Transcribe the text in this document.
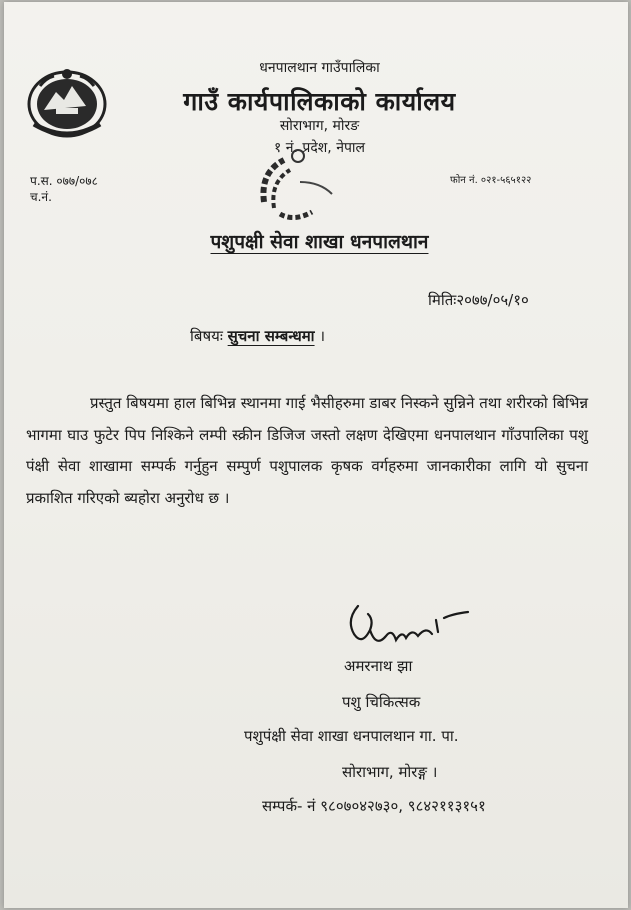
धनपालथान गाउँपालिका
गाउँ कार्यपालिकाको कार्यालय
सोराभाग, मोरङ
१ नं. प्रदेश, नेपाल
प.स. ०७७/०७८
च.नं.
फोन नं. ०२१-५६५१२२
पशुपक्षी सेवा शाखा धनपालथान
मितिः२०७७/०५/१०
बिषयः सुचना सम्बन्धमा ।

प्रस्तुत बिषयमा हाल बिभिन्न स्थानमा गाई भैसीहरुमा डाबर निस्कने सुन्निने तथा शरीरको बिभिन्न भागमा घाउ फुटेर पिप निश्किने लम्पी स्क्रीन डिजिज जस्तो लक्षण देखिएमा धनपालथान गाँउपालिका पशु पंक्षी सेवा शाखामा सम्पर्क गर्नुहुन सम्पुर्ण पशुपालक कृषक वर्गहरुमा जानकारीका लागि यो सुचना प्रकाशित गरिएको ब्यहोरा अनुरोध छ ।

अमरनाथ झा
पशु चिकित्सक
पशुपंक्षी सेवा शाखा धनपालथान गा. पा.
सोराभाग, मोरङ्ग ।
सम्पर्क- नं ९८०७०४२७३०, ९८४२११३१५१
